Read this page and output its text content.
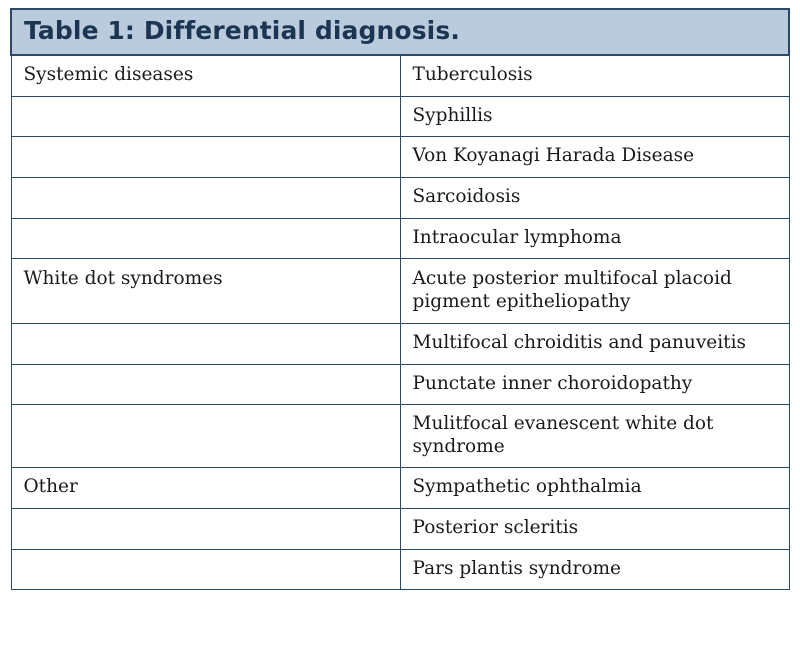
Table 1: Differential diagnosis.	
Systemic diseases	Tuberculosis
	Syphillis
	Von Koyanagi Harada Disease
	Sarcoidosis
	Intraocular lymphoma
White dot syndromes	Acute posterior multifocal placoid pigment epitheliopathy
	Multifocal chroiditis and panuveitis
	Punctate inner choroidopathy
	Mulitfocal evanescent white dot syndrome
Other	Sympathetic ophthalmia
	Posterior scleritis
	Pars plantis syndrome
